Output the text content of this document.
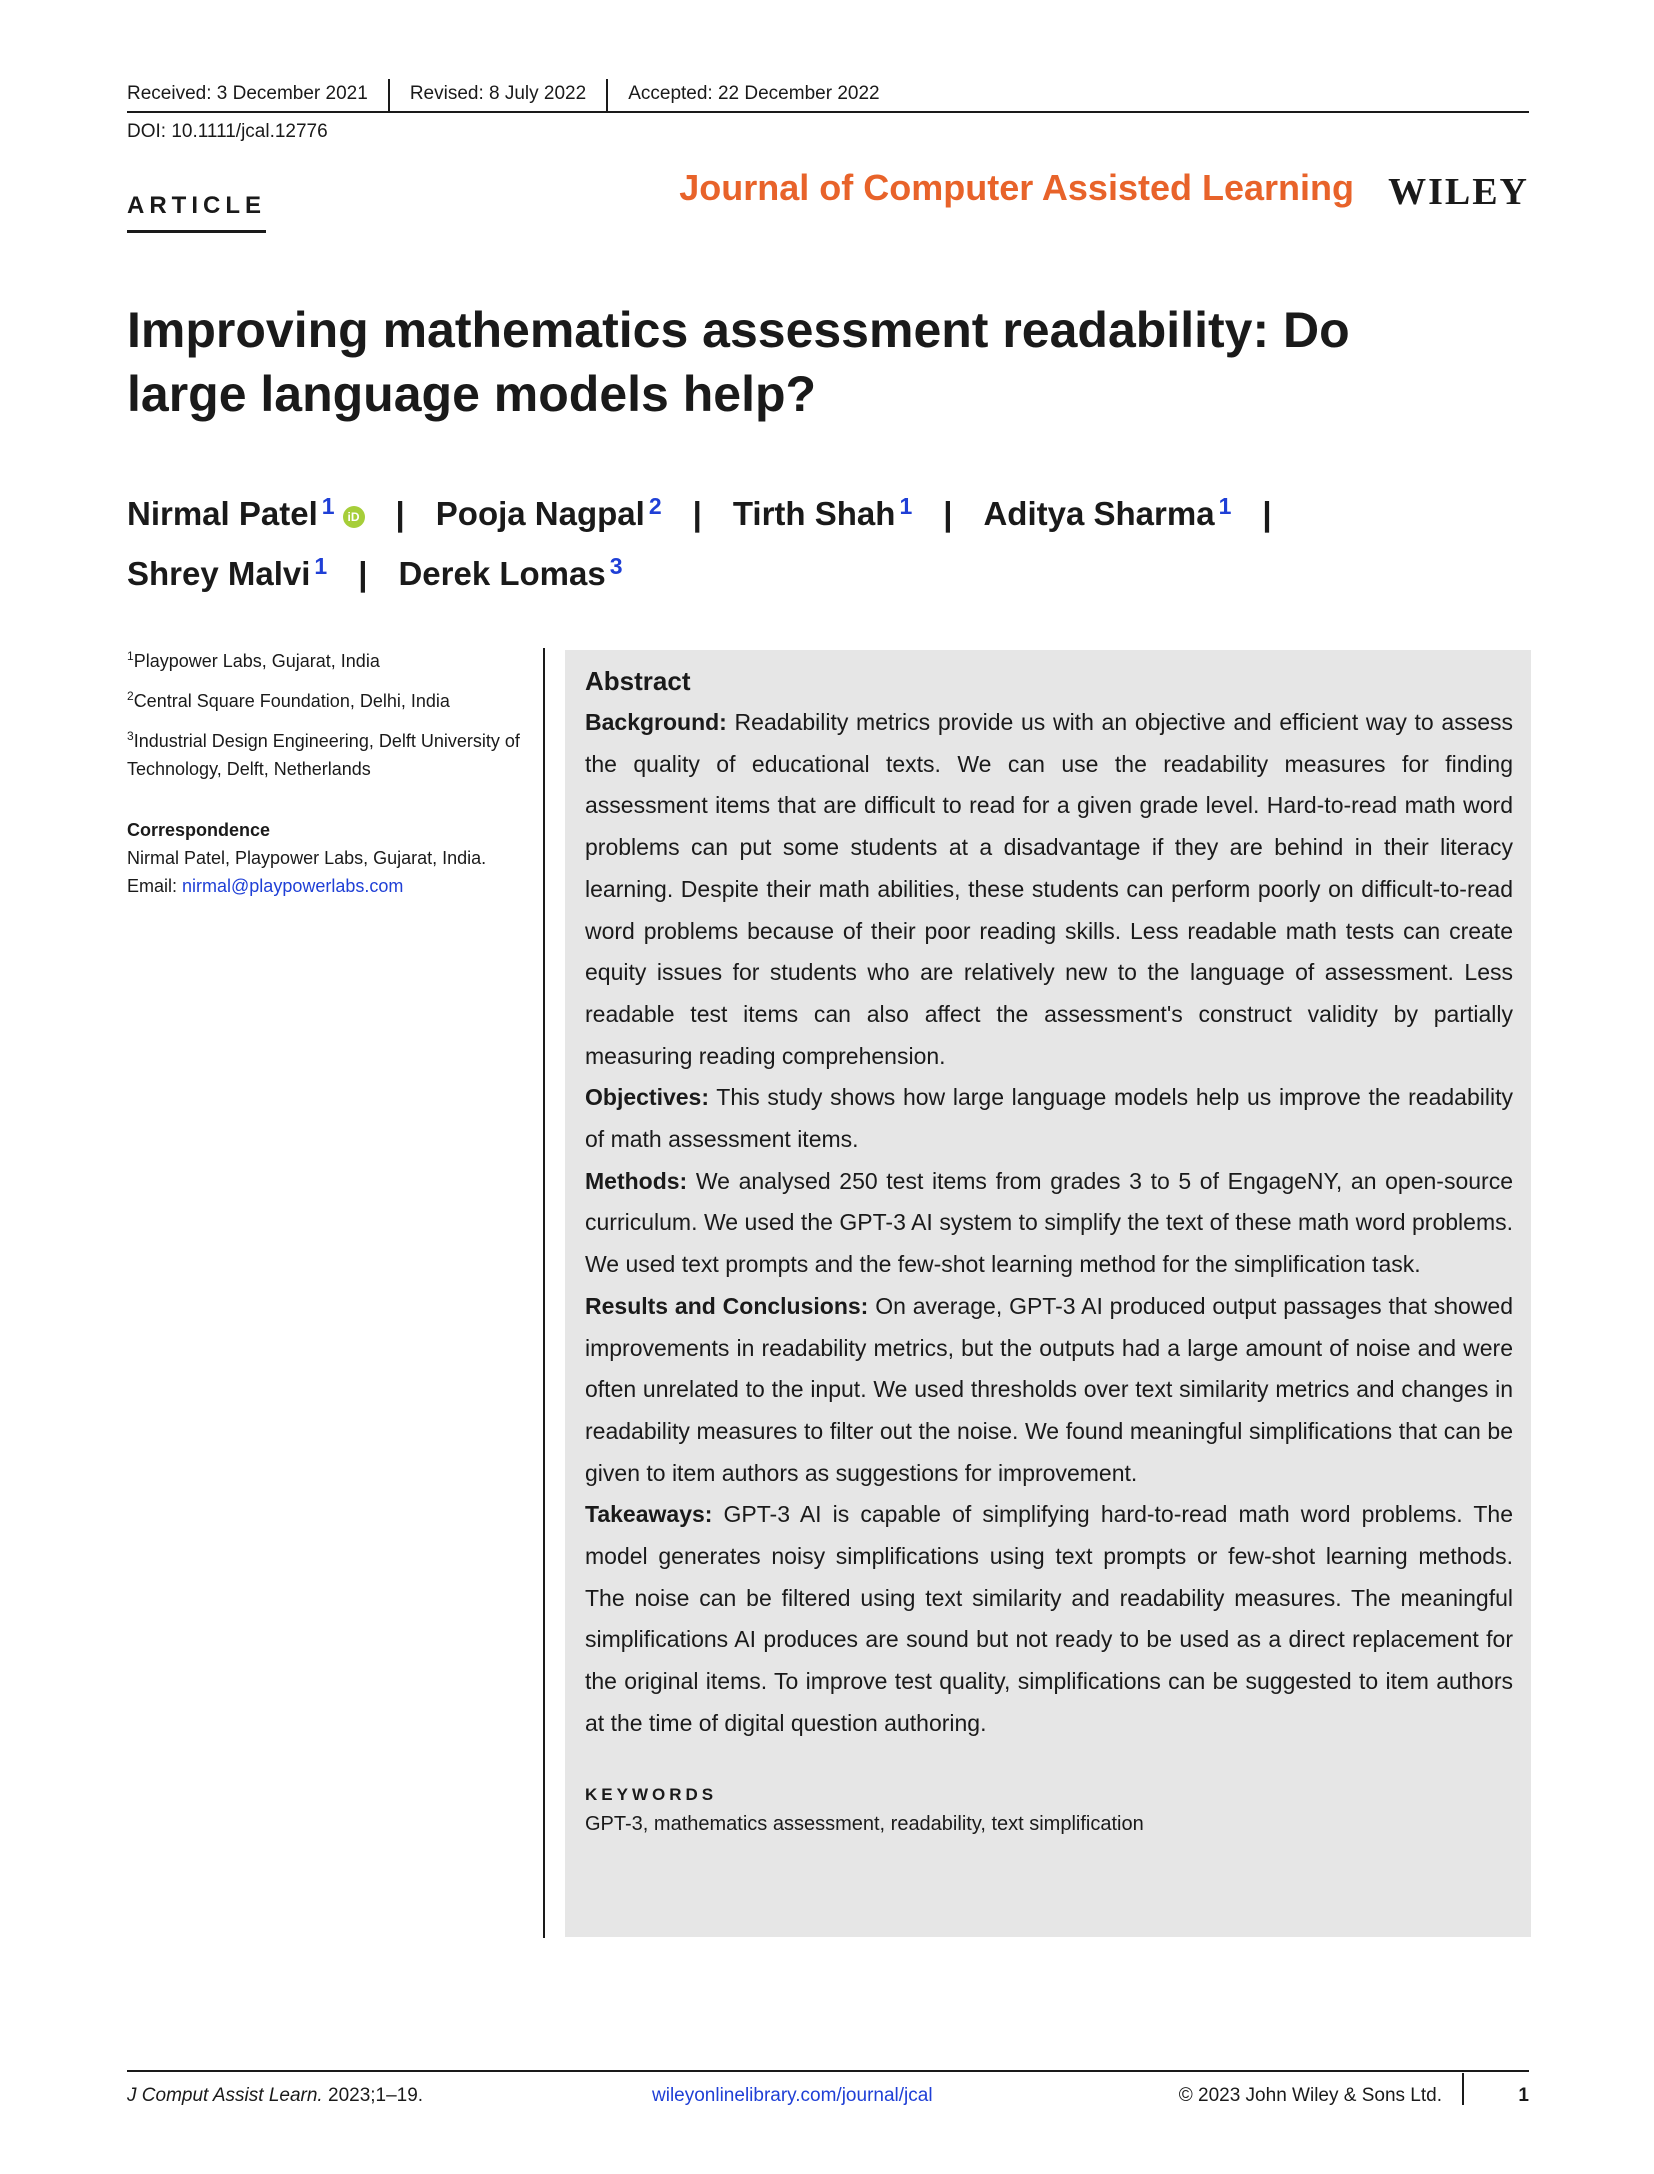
Received: 3 December 2021	Revised: 8 July 2022	Accepted: 22 December 2022
DOI: 10.1111/jcal.12776
ARTICLE	Journal of Computer Assisted Learning WILEY
Improving mathematics assessment readability: Do large language models help?
Nirmal Patel $^1$ iD | Pooja Nagpal $^2$ | Tirth Shah $^1$ | Aditya Sharma $^1$ |
Shrey Malvi $^1$ | Derek Lomas $^3$
$^1$Playpower Labs, Gujarat, India
$^2$Central Square Foundation, Delhi, India
$^3$Industrial Design Engineering, Delft University of Technology, Delft, Netherlands
Correspondence
Nirmal Patel, Playpower Labs, Gujarat, India.
Email: nirmal@playpowerlabs.com
Abstract

Background: Readability metrics provide us with an objective and efficient way to assess the quality of educational texts. We can use the readability measures for finding assessment items that are difficult to read for a given grade level. Hard-to-read math word problems can put some students at a disadvantage if they are behind in their literacy learning. Despite their math abilities, these students can perform poorly on difficult-to-read word problems because of their poor reading skills. Less readable math tests can create equity issues for students who are relatively new to the language of assessment. Less readable test items can also affect the assessment's construct validity by partially measuring reading comprehension.

Objectives: This study shows how large language models help us improve the readability of math assessment items.

Methods: We analysed 250 test items from grades 3 to 5 of EngageNY, an open-source curriculum. We used the GPT-3 AI system to simplify the text of these math word problems. We used text prompts and the few-shot learning method for the simplification task.

Results and Conclusions: On average, GPT-3 AI produced output passages that showed improvements in readability metrics, but the outputs had a large amount of noise and were often unrelated to the input. We used thresholds over text similarity metrics and changes in readability measures to filter out the noise. We found meaningful simplifications that can be given to item authors as suggestions for improvement.

Takeaways: GPT-3 AI is capable of simplifying hard-to-read math word problems. The model generates noisy simplifications using text prompts or few-shot learning methods. The noise can be filtered using text similarity and readability measures. The meaningful simplifications AI produces are sound but not ready to be used as a direct replacement for the original items. To improve test quality, simplifications can be suggested to item authors at the time of digital question authoring.

KEYWORDS
GPT-3, mathematics assessment, readability, text simplification
J Comput Assist Learn. 2023;1–19.	wileyonlinelibrary.com/journal/jcal	© 2023 John Wiley & Sons Ltd.	1
